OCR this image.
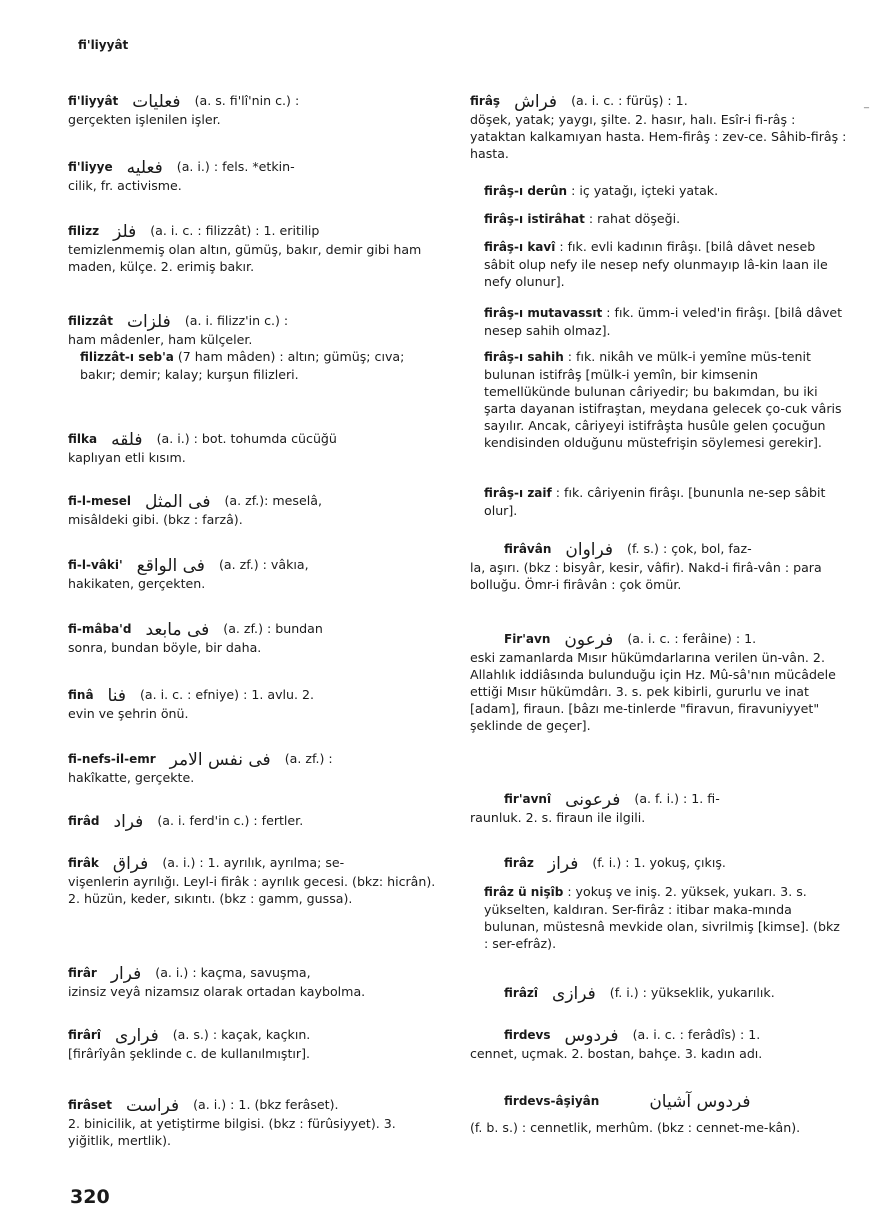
fi'liyyât
_

fi'liyyât فعليات (a. s. fi'lî'nin c.) :

gerçekten işlenilen işler.

fi'liyye فعليه (a. i.) : fels. *etkin-

cilik, fr. activisme.

filizz فلز (a. i. c. : filizzât) : 1. eritilip

temizlenmemiş olan altın, gümüş, bakır, demir gibi ham maden, külçe. 2. erimiş bakır.

filizzât فلزات (a. i. filizz'in c.) :

ham mâdenler, ham külçeler.

filizzât-ı seb'a (7 ham mâden) : altın; gümüş; cıva; bakır; demir; kalay; kurşun filizleri.

filka فلقه (a. i.) : bot. tohumda cücüğü

kaplıyan etli kısım.

fi-l-mesel فى المثل (a. zf.): meselâ,

misâldeki gibi. (bkz : farzâ).

fi-l-vâki' فى الواقع (a. zf.) : vâkıa,

hakikaten, gerçekten.

fi-mâba'd فى مابعد (a. zf.) : bundan

sonra, bundan böyle, bir daha.

finâ فنا (a. i. c. : efniye) : 1. avlu. 2.

evin ve şehrin önü.

fi-nefs-il-emr فى نفس الامر (a. zf.) :

hakîkatte, gerçekte.

firâd فراد (a. i. ferd'in c.) : fertler.

firâk فراق (a. i.) : 1. ayrılık, ayrılma; se-

vişenlerin ayrılığı. Leyl-i firâk : ayrılık gecesi. (bkz: hicrân). 2. hüzün, keder, sıkıntı. (bkz : gamm, gussa).

firâr فرار (a. i.) : kaçma, savuşma,

izinsiz veyâ nizamsız olarak ortadan kaybolma.

firârî فرارى (a. s.) : kaçak, kaçkın.

[firârîyân şeklinde c. de kullanılmıştır].

firâset فراست (a. i.) : 1. (bkz ferâset).

2. binicilik, at yetiştirme bilgisi. (bkz : fürûsiyyet). 3. yiğitlik, mertlik).

firâş فراش (a. i. c. : fürüş) : 1.

döşek, yatak; yaygı, şilte. 2. hasır, halı. Esîr-i fi-râş : yataktan kalkamıyan hasta. Hem-firâş : zev-ce. Sâhib-firâş : hasta.

firâş-ı derûn : iç yatağı, içteki yatak.

firâş-ı istirâhat : rahat döşeği.

firâş-ı kavî : fık. evli kadının firâşı. [bilâ dâvet neseb sâbit olup nefy ile nesep nefy olunmayıp lâ-kin laan ile nefy olunur].

firâş-ı mutavassıt : fık. ümm-i veled'in firâşı. [bilâ dâvet nesep sahih olmaz].

firâş-ı sahih : fık. nikâh ve mülk-i yemîne müs-tenit bulunan istifrâş [mülk-i yemîn, bir kimsenin temellükünde bulunan câriyedir; bu bakımdan, bu iki şarta dayanan istifraştan, meydana gelecek ço-cuk vâris sayılır. Ancak, câriyeyi istifrâşta husûle gelen çocuğun kendisinden olduğunu müstefrişin söylemesi gerekir].

firâş-ı zaif : fık. câriyenin firâşı. [bununla ne-sep sâbit olur].

firâvân فراوان (f. s.) : çok, bol, faz-

la, aşırı. (bkz : bisyâr, kesir, vâfir). Nakd-i firâ-vân : para bolluğu. Ömr-i firâvân : çok ömür.

Fir'avn فرعون (a. i. c. : ferâine) : 1.

eski zamanlarda Mısır hükümdarlarına verilen ün-vân. 2. Allahlık iddiâsında bulunduğu için Hz. Mû-sâ'nın mücâdele ettiği Mısır hükümdârı. 3. s. pek kibirli, gururlu ve inat [adam], firaun. [bâzı me-tinlerde "firavun, firavuniyyet" şeklinde de geçer].

fir'avnî فرعونى (a. f. i.) : 1. fi-

raunluk. 2. s. firaun ile ilgili.

firâz فراز (f. i.) : 1. yokuş, çıkış.

firâz ü nişîb : yokuş ve iniş. 2. yüksek, yukarı. 3. s. yükselten, kaldıran. Ser-firâz : itibar maka-mında bulunan, müstesnâ mevkide olan, sivrilmiş [kimse]. (bkz : ser-efrâz).

firâzî فرازى (f. i.) : yükseklik, yukarılık.

firdevs فردوس (a. i. c. : ferâdîs) : 1.

cennet, uçmak. 2. bostan, bahçe. 3. kadın adı.

firdevs-âşiyân	فردوس آشيان

(f. b. s.) : cennetlik, merhûm. (bkz : cennet-me-kân).

320
